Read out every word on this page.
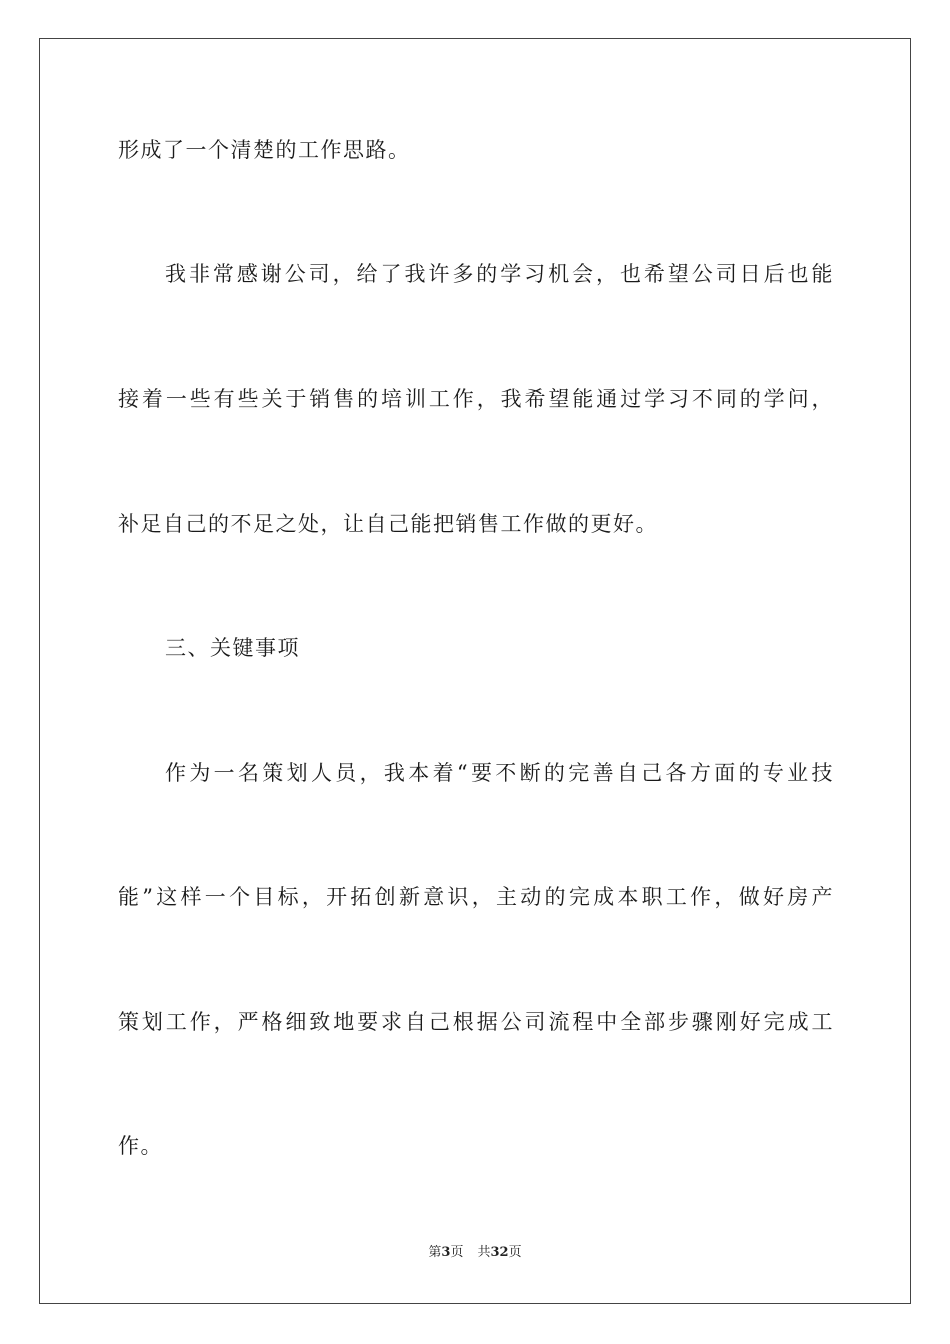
形成了一个清楚的工作思路。
我非常感谢公司，给了我许多的学习机会，也希望公司日后也能
接着一些有些关于销售的培训工作，我希望能通过学习不同的学问，
补足自己的不足之处，让自己能把销售工作做的更好。
三、关键事项
作为一名策划人员，我本着“要不断的完善自己各方面的专业技
能”这样一个目标，开拓创新意识，主动的完成本职工作，做好房产
策划工作，严格细致地要求自己根据公司流程中全部步骤刚好完成工
作。
第3页 共32页
